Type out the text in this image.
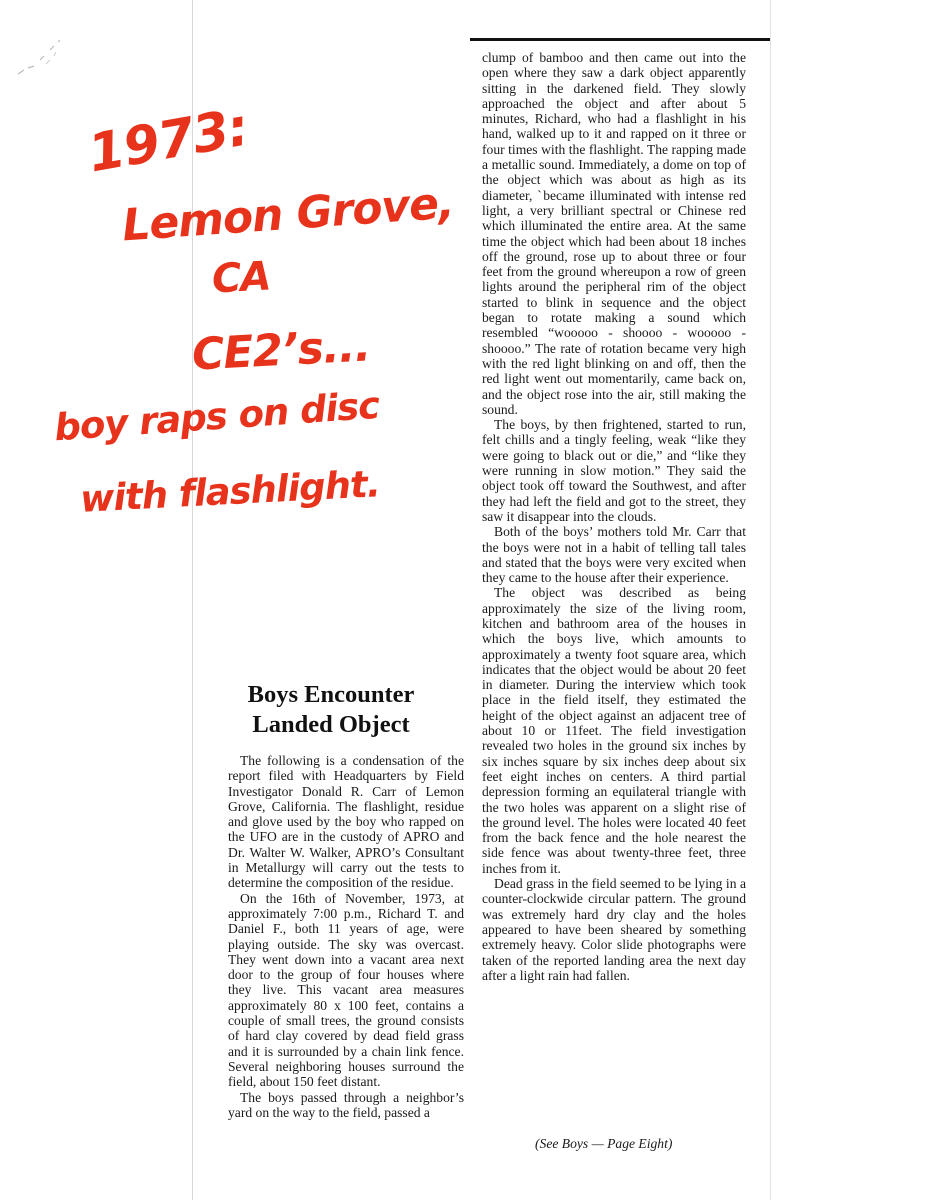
1973:
Lemon Grove,
CA
CE2’s...
boy raps on disc
with flashlight.
Boys Encounter
Landed Object

The following is a condensation of the report filed with Headquarters by Field Investigator Donald R. Carr of Lemon Grove, California. The flashlight, residue and glove used by the boy who rapped on the UFO are in the custody of APRO and Dr. Walter W. Walker, APRO’s Consultant in Metallurgy will carry out the tests to determine the composition of the residue.

On the 16th of November, 1973, at approximately 7:00 p.m., Richard T. and Daniel F., both 11 years of age, were playing outside. The sky was overcast. They went down into a vacant area next door to the group of four houses where they live. This vacant area measures approximately 80 x 100 feet, contains a couple of small trees, the ground consists of hard clay covered by dead field grass and it is surrounded by a chain link fence. Several neighboring houses surround the field, about 150 feet distant.

The boys passed through a neighbor’s yard on the way to the field, passed a

clump of bamboo and then came out into the open where they saw a dark object apparently sitting in the darkened field. They slowly approached the object and after about 5 minutes, Richard, who had a flashlight in his hand, walked up to it and rapped on it three or four times with the flashlight. The rapping made a metallic sound. Immediately, a dome on top of the object which was about as high as its diameter, ˋbecame illuminated with intense red light, a very brilliant spectral or Chinese red which illuminated the entire area. At the same time the object which had been about 18 inches off the ground, rose up to about three or four feet from the ground whereupon a row of green lights around the peripheral rim of the object started to blink in sequence and the object began to rotate making a sound which resembled “wooooo - shoooo - wooooo - shoooo.” The rate of rotation became very high with the red light blinking on and off, then the red light went out momentarily, came back on, and the object rose into the air, still making the sound.

The boys, by then frightened, started to run, felt chills and a tingly feeling, weak “like they were going to black out or die,” and “like they were running in slow motion.” They said the object took off toward the Southwest, and after they had left the field and got to the street, they saw it disappear into the clouds.

Both of the boys’ mothers told Mr. Carr that the boys were not in a habit of telling tall tales and stated that the boys were very excited when they came to the house after their experience.

The object was described as being approximately the size of the living room, kitchen and bathroom area of the houses in which the boys live, which amounts to approximately a twenty foot square area, which indicates that the object would be about 20 feet in diameter. During the interview which took place in the field itself, they estimated the height of the object against an adjacent tree of about 10 or 11feet. The field investigation revealed two holes in the ground six inches by six inches square by six inches deep about six feet eight inches on centers. A third partial depression forming an equilateral triangle with the two holes was apparent on a slight rise of the ground level. The holes were located 40 feet from the back fence and the hole nearest the side fence was about twenty-three feet, three inches from it.

Dead grass in the field seemed to be lying in a counter-clockwide circular pattern. The ground was extremely hard dry clay and the holes appeared to have been sheared by something extremely heavy. Color slide photographs were taken of the reported landing area the next day after a light rain had fallen.

(See Boys — Page Eight)
